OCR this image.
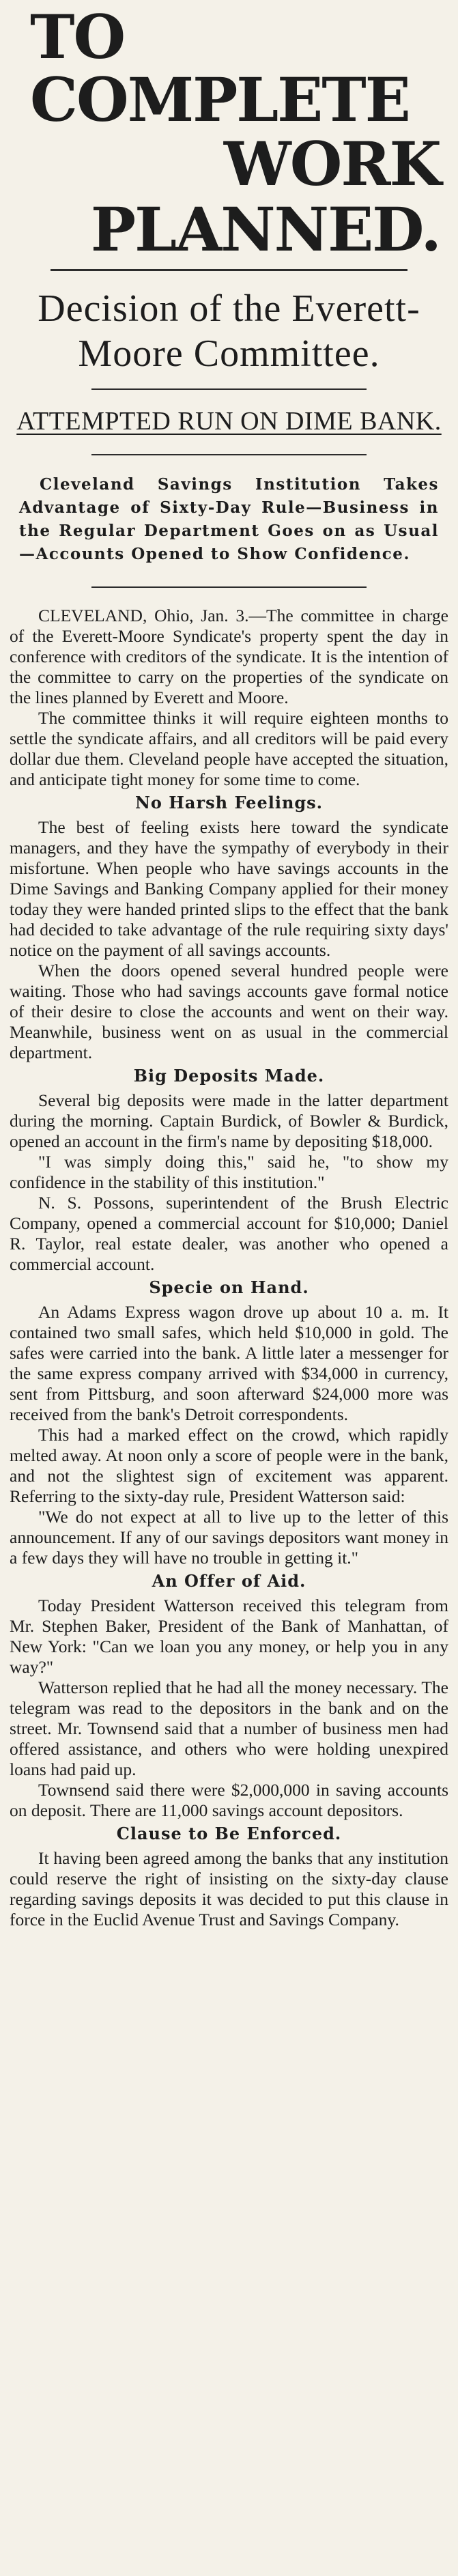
TO COMPLETE
WORK PLANNED.
Decision of the Everett-
Moore Committee.
ATTEMPTED RUN ON DIME BANK.
Cleveland Savings Institution Takes Advantage of Sixty-Day Rule—Business in the Regular Department Goes on as Usual—Accounts Opened to Show Confidence.

CLEVELAND, Ohio, Jan. 3.—The committee in charge of the Everett-Moore Syndicate's property spent the day in conference with creditors of the syndicate. It is the intention of the committee to carry on the properties of the syndicate on the lines planned by Everett and Moore.

The committee thinks it will require eighteen months to settle the syndicate affairs, and all creditors will be paid every dollar due them. Cleveland people have accepted the situation, and anticipate tight money for some time to come.

No Harsh Feelings.

The best of feeling exists here toward the syndicate managers, and they have the sympathy of everybody in their misfortune. When people who have savings accounts in the Dime Savings and Banking Company applied for their money today they were handed printed slips to the effect that the bank had decided to take advantage of the rule requiring sixty days' notice on the payment of all savings accounts.

When the doors opened several hundred people were waiting. Those who had savings accounts gave formal notice of their desire to close the accounts and went on their way. Meanwhile, business went on as usual in the commercial department.

Big Deposits Made.

Several big deposits were made in the latter department during the morning. Captain Burdick, of Bowler & Burdick, opened an account in the firm's name by depositing $18,000.

"I was simply doing this," said he, "to show my confidence in the stability of this institution."

N. S. Possons, superintendent of the Brush Electric Company, opened a commercial account for $10,000; Daniel R. Taylor, real estate dealer, was another who opened a commercial account.

Specie on Hand.

An Adams Express wagon drove up about 10 a. m. It contained two small safes, which held $10,000 in gold. The safes were carried into the bank. A little later a messenger for the same express company arrived with $34,000 in currency, sent from Pittsburg, and soon afterward $24,000 more was received from the bank's Detroit correspondents.

This had a marked effect on the crowd, which rapidly melted away. At noon only a score of people were in the bank, and not the slightest sign of excitement was apparent. Referring to the sixty-day rule, President Watterson said:

"We do not expect at all to live up to the letter of this announcement. If any of our savings depositors want money in a few days they will have no trouble in getting it."

An Offer of Aid.

Today President Watterson received this telegram from Mr. Stephen Baker, President of the Bank of Manhattan, of New York: "Can we loan you any money, or help you in any way?"

Watterson replied that he had all the money necessary. The telegram was read to the depositors in the bank and on the street. Mr. Townsend said that a number of business men had offered assistance, and others who were holding unexpired loans had paid up.

Townsend said there were $2,000,000 in saving accounts on deposit. There are 11,000 savings account depositors.

Clause to Be Enforced.

It having been agreed among the banks that any institution could reserve the right of insisting on the sixty-day clause regarding savings deposits it was decided to put this clause in force in the Euclid Avenue Trust and Savings Company.
